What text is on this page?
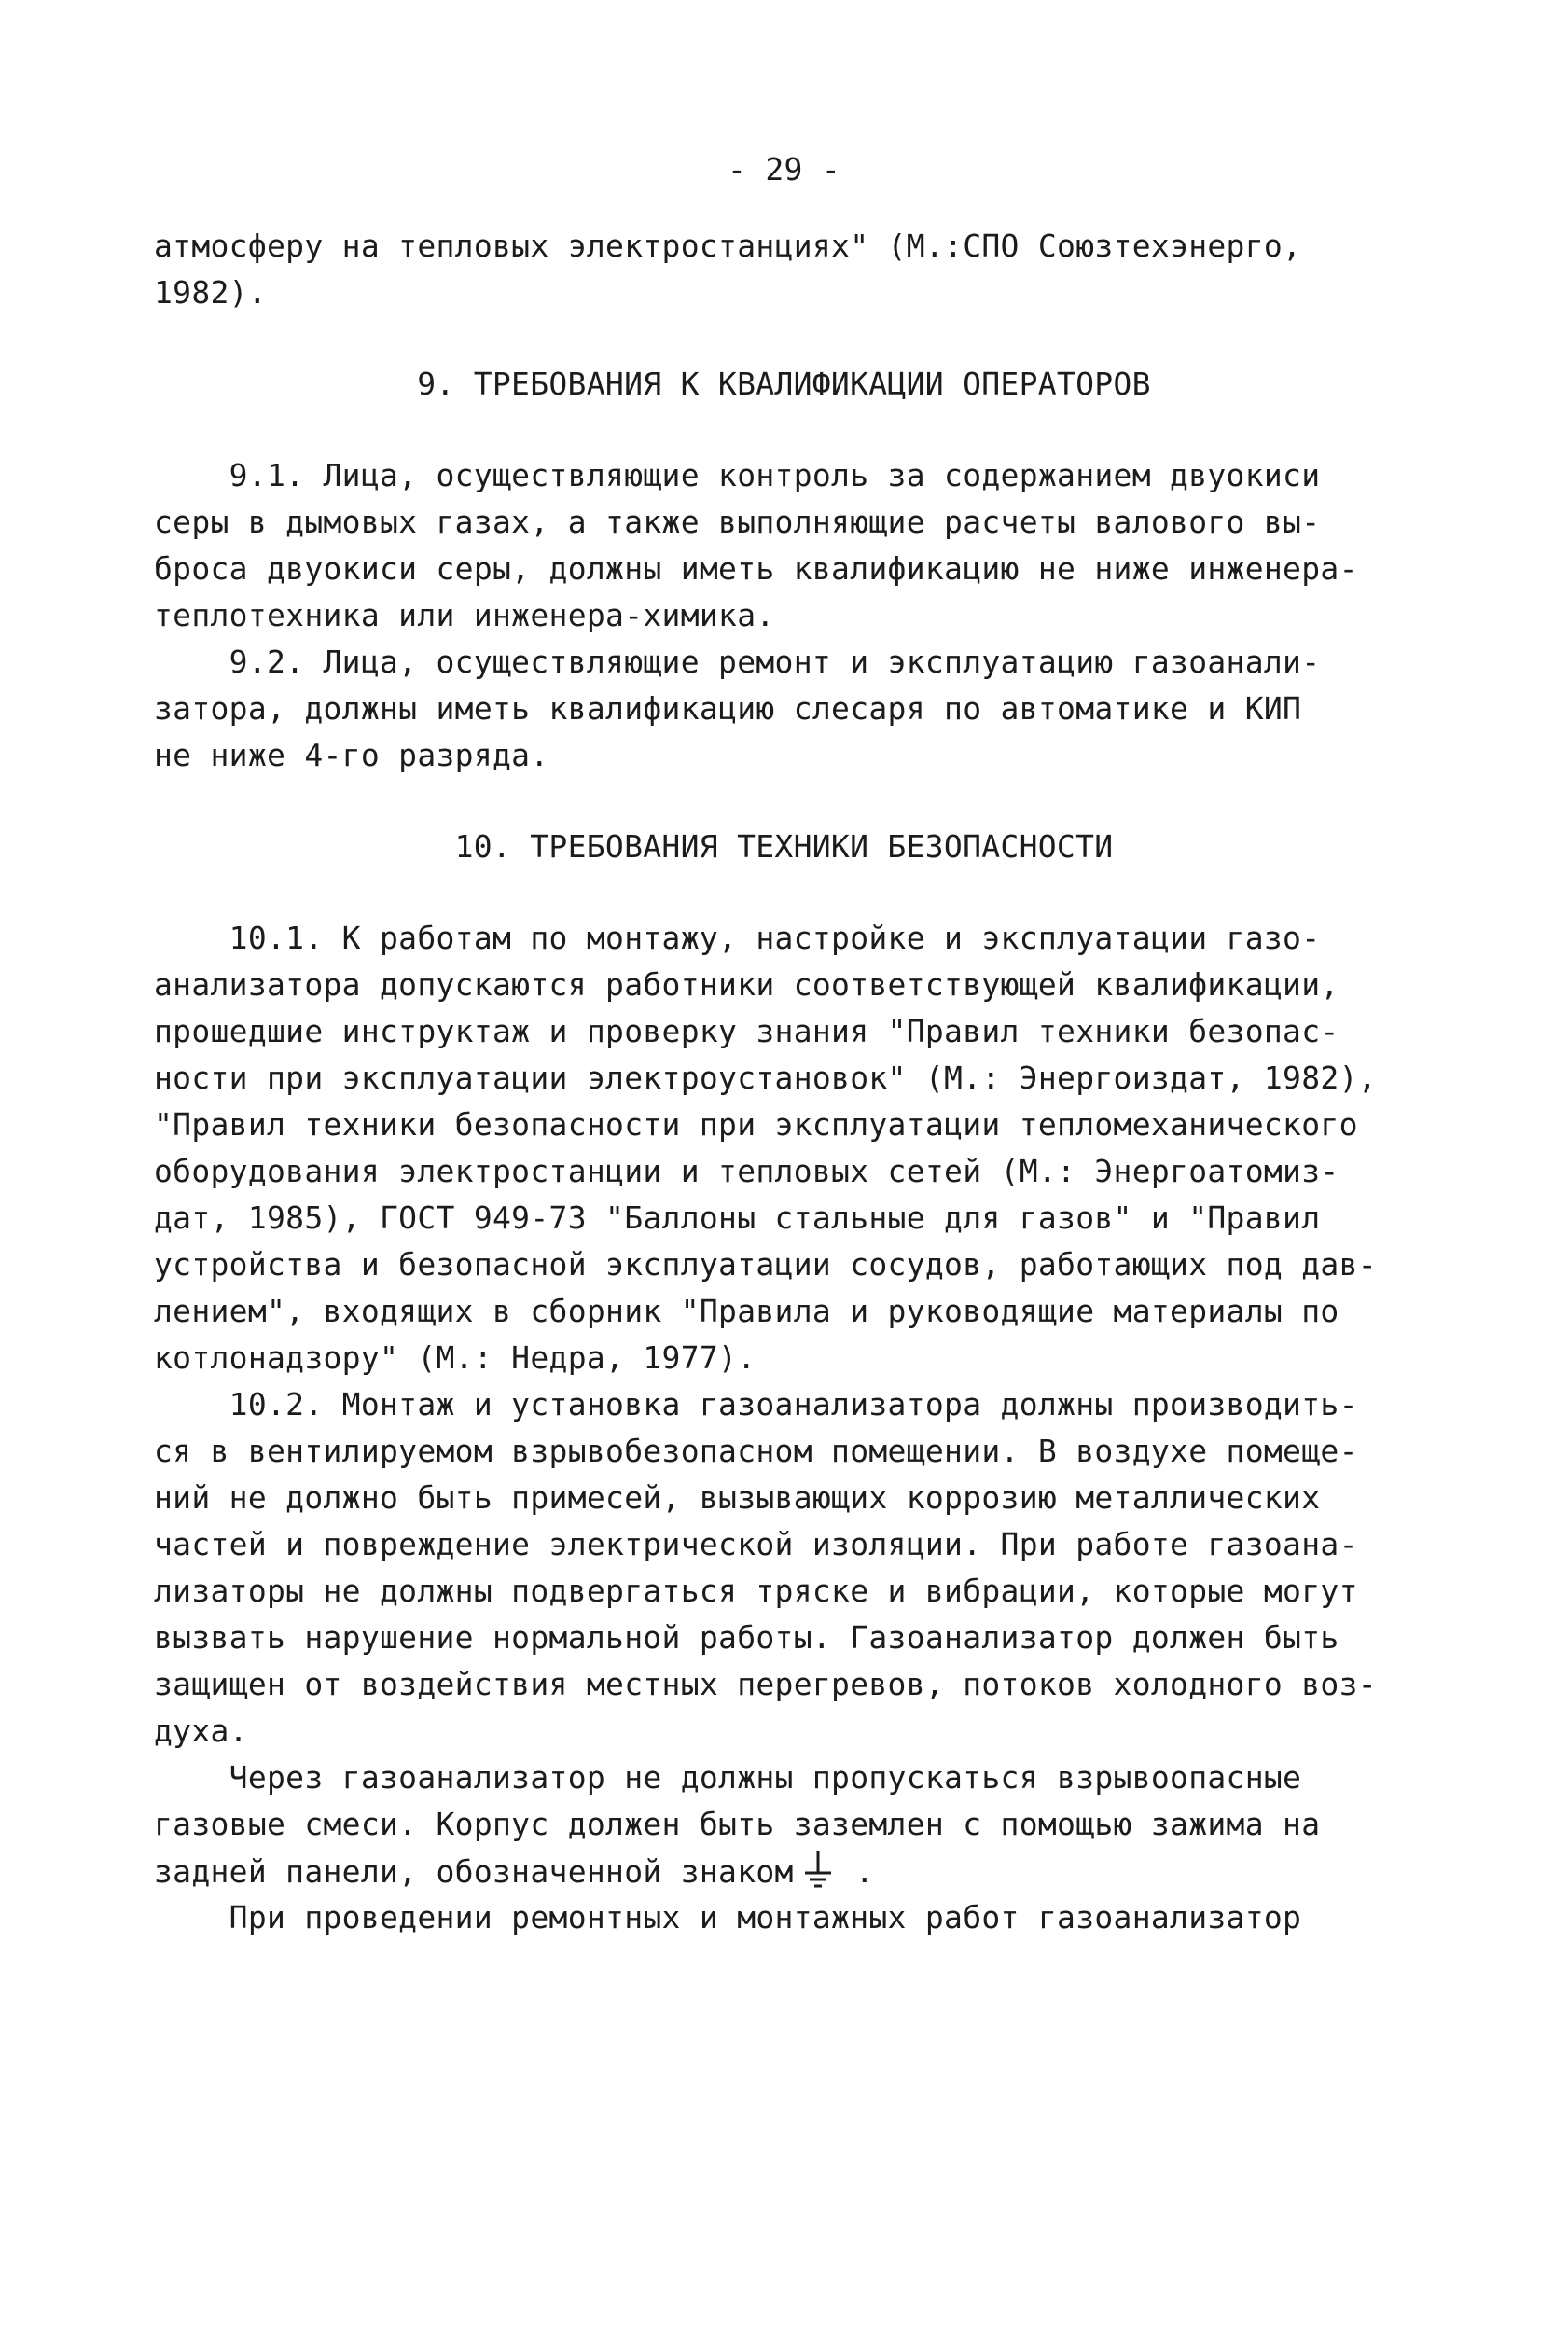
- 29 -
атмосферу на тепловых электростанциях" (М.:СПО Союзтехэнерго,
1982).
9. ТРЕБОВАНИЯ К КВАЛИФИКАЦИИ ОПЕРАТОРОВ
9.1. Лица, осуществляющие контроль за содержанием двуокиси
серы в дымовых газах, а также выполняющие расчеты валового вы-
броса двуокиси серы, должны иметь квалификацию не ниже инженера-
теплотехника или инженера-химика.
9.2. Лица, осуществляющие ремонт и эксплуатацию газоанали-
затора, должны иметь квалификацию слесаря по автоматике и КИП
не ниже 4-го разряда.
10. ТРЕБОВАНИЯ ТЕХНИКИ БЕЗОПАСНОСТИ
10.1. К работам по монтажу, настройке и эксплуатации газо-
анализатора допускаются работники соответствующей квалификации,
прошедшие инструктаж и проверку знания "Правил техники безопас-
ности при эксплуатации электроустановок" (М.: Энергоиздат, 1982),
"Правил техники безопасности при эксплуатации тепломеханического
оборудования электростанции и тепловых сетей (М.: Энергоатомиз-
дат, 1985), ГОСТ 949-73 "Баллоны стальные для газов" и "Правил
устройства и безопасной эксплуатации сосудов, работающих под дав-
лением", входящих в сборник "Правила и руководящие материалы по
котлонадзору" (М.: Недра, 1977).
10.2. Монтаж и установка газоанализатора должны производить-
ся в вентилируемом взрывобезопасном помещении. В воздухе помеще-
ний не должно быть примесей, вызывающих коррозию металлических
частей и повреждение электрической изоляции. При работе газоана-
лизаторы не должны подвергаться тряске и вибрации, которые могут
вызвать нарушение нормальной работы. Газоанализатор должен быть
защищен от воздействия местных перегревов, потоков холодного воз-
духа.
Через газоанализатор не должны пропускаться взрывоопасные
газовые смеси. Корпус должен быть заземлен с помощью зажима на
задней панели, обозначенной знаком .
При проведении ремонтных и монтажных работ газоанализатор
